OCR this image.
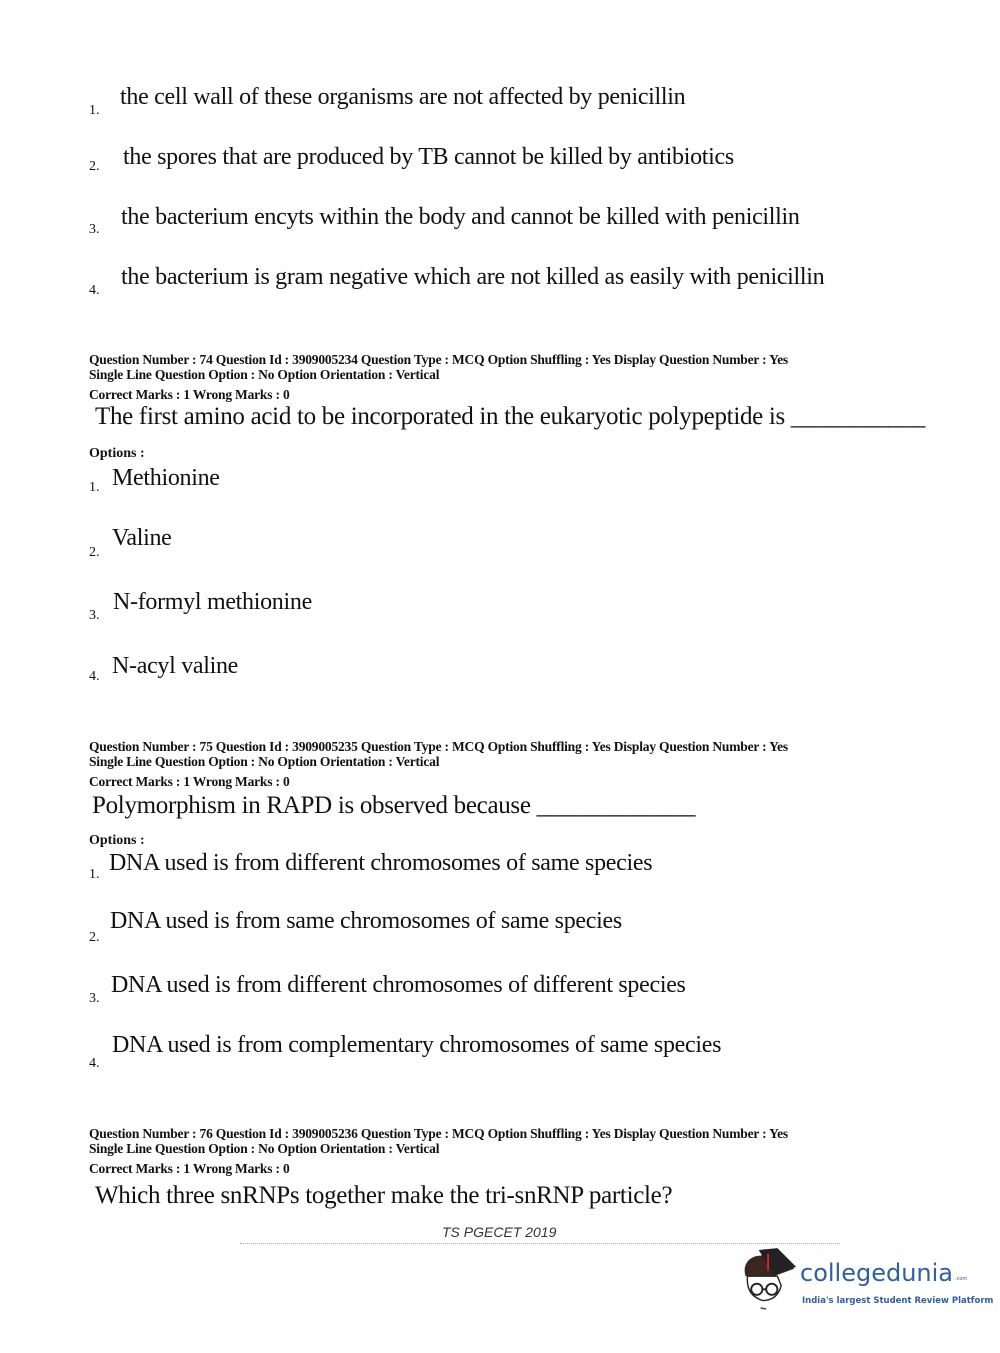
1.
the cell wall of these organisms are not affected by penicillin
2. the spores that are produced by TB cannot be killed by antibiotics
3. the bacterium encyts within the body and cannot be killed with penicillin
4.
the bacterium is gram negative which are not killed as easily with penicillin
Question Number : 74 Question Id : 3909005234 Question Type : MCQ Option Shuffling : Yes Display Question Number : Yes
Single Line Question Option : No Option Orientation : Vertical
Correct Marks : 1 Wrong Marks : 0
The first amino acid to be incorporated in the eukaryotic polypeptide is ___________
Options :
1. Methionine
2.
Valine
3.
N-formyl methionine
4. N-acyl valine
Question Number : 75 Question Id : 3909005235 Question Type : MCQ Option Shuffling : Yes Display Question Number : Yes
Single Line Question Option : No Option Orientation : Vertical
Correct Marks : 1 Wrong Marks : 0
Polymorphism in RAPD is observed because _____________
Options :
1. DNA used is from different chromosomes of same species
2.
DNA used is from same chromosomes of same species
3.
DNA used is from different chromosomes of different species
4.
DNA used is from complementary chromosomes of same species
Question Number : 76 Question Id : 3909005236 Question Type : MCQ Option Shuffling : Yes Display Question Number : Yes
Single Line Question Option : No Option Orientation : Vertical
Correct Marks : 1 Wrong Marks : 0
Which three snRNPs together make the tri-snRNP particle?
TS PGECET 2019
collegedunia .com
India's largest Student Review Platform
